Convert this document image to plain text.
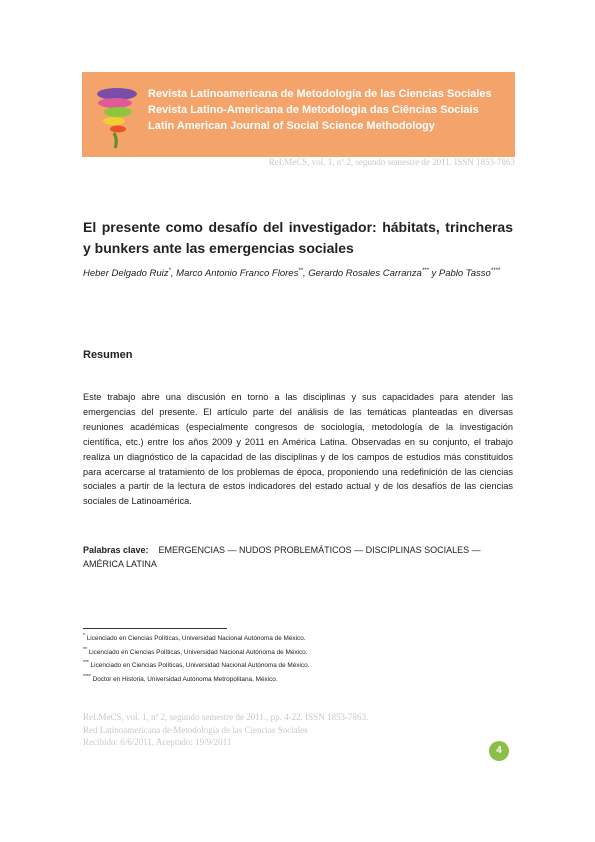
Revista Latinoamericana de Metodología de las Ciencias Sociales
Revista Latino-Americana de Metodologia das Ciências Sociais
Latin American Journal of Social Science Methodology
ReLMeCS, vol. 1, nº 2, segundo semestre de 2011. ISSN 1853-7863
El presente como desafío del investigador: hábitats, trincheras y bunkers ante las emergencias sociales
Heber Delgado Ruiz*, Marco Antonio Franco Flores**, Gerardo Rosales Carranza*** y Pablo Tasso****
Resumen
Este trabajo abre una discusión en torno a las disciplinas y sus capacidades para atender las emergencias del presente. El artículo parte del análisis de las temáticas planteadas en diversas reuniones académicas (especialmente congresos de sociología, metodología de la investigación científica, etc.) entre los años 2009 y 2011 en América Latina. Observadas en su conjunto, el trabajo realiza un diagnóstico de la capacidad de las disciplinas y de los campos de estudios más constituidos para acercarse al tratamiento de los problemas de época, proponiendo una redefinición de las ciencias sociales a partir de la lectura de estos indicadores del estado actual y de los desafíos de las ciencias sociales de Latinoamérica.
Palabras clave: EMERGENCIAS — NUDOS PROBLEMÁTICOS — DISCIPLINAS SOCIALES — AMÉRICA LATINA
* Licenciado en Ciencias Políticas, Universidad Nacional Autónoma de México.
** Licenciado en Ciencias Políticas, Universidad Nacional Autónoma de México.
*** Licenciado en Ciencias Políticas, Universidad Nacional Autónoma de México.
**** Doctor en Historia, Universidad Autónoma Metropolitana, México.
ReLMeCS, vol. 1, nº 2, segundo semestre de 2011., pp. 4-22. ISSN 1853-7863.
Red Latinoamericana de Metodología de las Ciencias Sociales
Recibido: 6/6/2011, Aceptado: 19/9/2011
4
